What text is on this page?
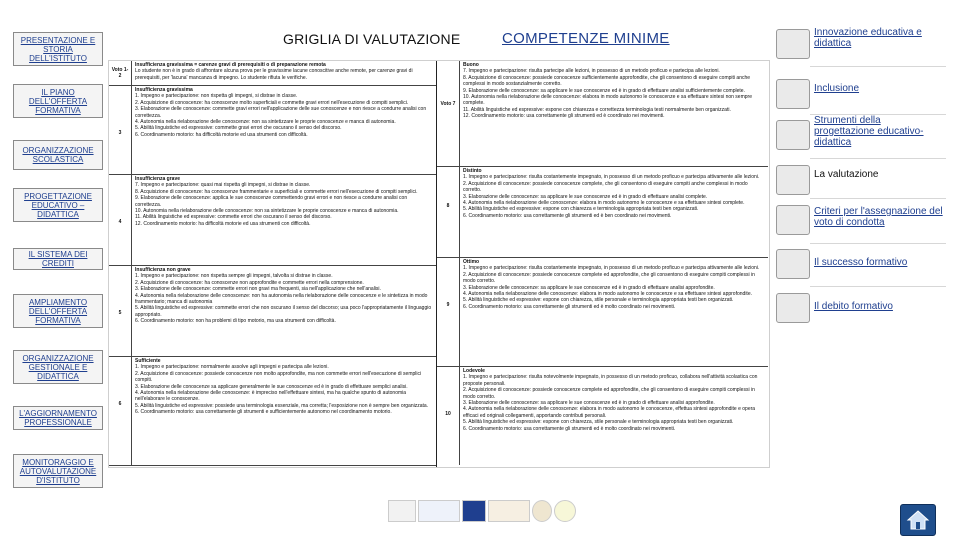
PRESENTAZIONE E STORIA DELL'ISTITUTO
IL PIANO DELL'OFFERTA FORMATIVA
ORGANIZZAZIONE SCOLASTICA
PROGETTAZIONE EDUCATIVO – DIDATTICA
IL SISTEMA DEI CREDITI
AMPLIAMENTO DELL'OFFERTA FORMATIVA
ORGANIZZAZIONE GESTIONALE E DIDATTICA
L'AGGIORNAMENTO PROFESSIONALE
MONITORAGGIO E AUTOVALUTAZIONE D'ISTITUTO
GRIGLIA DI VALUTAZIONE	COMPETENZE MINIME
Voto 1-2
Insufficienza gravissima = carenze gravi di prerequisiti o di preparazione remota
Lo studente non è in grado di affrontare alcuna prova per le gravissime lacune conoscitive anche remote, per carenze gravi di prerequisiti, per 'lacuna' mancanza di impegno. Lo studente rifiuta le verifiche.
3
Insufficienza gravissima
1. Impegno e partecipazione: non rispetta gli impegni, si distrae in classe.
2. Acquisizione di conoscenze: ha conoscenze molto superficiali e commette gravi errori nell'esecuzione di compiti semplici.
3. Elaborazione delle conoscenze: commette gravi errori nell'applicazione delle sue conoscenze e non riesce a condurre analisi con correttezza.
4. Autonomia nella rielaborazione delle conoscenze: non sa sintetizzare le proprie conoscenze e manca di autonomia.
5. Abilità linguistiche ed espressive: commette gravi errori che oscurano il senso del discorso.
6. Coordinamento motorio: ha difficoltà motorie ed usa strumenti con difficoltà.
4
Insufficienza grave
7. Impegno e partecipazione: quasi mai rispetta gli impegni, si distrae in classe.
8. Acquisizione di conoscenze: ha conoscenze frammentarie e superficiali e commette errori nell'esecuzione di compiti semplici.
9. Elaborazione delle conoscenze: applica le sue conoscenze commettendo gravi errori e non riesce a condurre analisi con correttezza.
10. Autonomia nella rielaborazione delle conoscenze: non sa sintetizzare le proprie conoscenze e manca di autonomia.
11. Abilità linguistiche ed espressive: commette errori che oscurano il senso del discorso.
12. Coordinamento motorio: ha difficoltà motorie ed usa strumenti con difficoltà.
5
Insufficienza non grave
1. Impegno e partecipazione: non rispetta sempre gli impegni, talvolta si distrae in classe.
2. Acquisizione di conoscenze: ha conoscenze non approfondite e commette errori nella comprensione.
3. Elaborazione delle conoscenze: commette errori non gravi ma frequenti, sia nell'applicazione che nell'analisi.
4. Autonomia nella rielaborazione delle conoscenze: non ha autonomia nella rielaborazione delle conoscenze e le sintetizza in modo frammentario; manca di autonomia
5. Abilità linguistiche ed espressive: commette errori che non oscurano il senso del discorso; usa poco l'appropriatamente il linguaggio appropriato.
6. Coordinamento motorio: non ha problemi di tipo motorio, ma usa strumenti con difficoltà.
6
Sufficiente
1. Impegno e partecipazione: normalmente assolve agli impegni e partecipa alle lezioni.
2. Acquisizione di conoscenze: possiede conoscenze non molto approfondite, ma non commette errori nell'esecuzione di semplici compiti.
3. Elaborazione delle conoscenze sa applicare generalmente le sue conoscenze ed è in grado di effettuare semplici analisi.
4. Autonomia nella rielaborazione delle conoscenze: è impreciso nell'effettuare sintesi, ma ha qualche spunto di autonomia nell'elaborare le conoscenze.
5. Abilità linguistiche ed espressive: possiede una terminologia essenziale, ma corretta; l'esposizione non è sempre ben organizzata.
6. Coordinamento motorio: usa correttamente gli strumenti e sufficientemente autonomo nel coordinamento motorio.
Voto 7
Buono
7. Impegno e partecipazione: risulta partecipe alle lezioni, in possesso di un metodo proficuo e partecipa alle lezioni.
8. Acquisizione di conoscenze: possiede conoscenze sufficientemente approfondite, che gli consentono di eseguire compiti anche complessi in modo sostanzialmente corretto.
9. Elaborazione delle conoscenze: sa applicare le sue conoscenze ed è in grado di effettuare analisi sufficientemente complete.
10. Autonomia nella rielaborazione delle conoscenze: elabora in modo autonomo le conoscenze e sa effettuare sintesi non sempre complete.
11. Abilità linguistiche ed espressive: espone con chiarezza e correttezza terminologia testi normalmente ben organizzati.
12. Coordinamento motorio: usa correttamente gli strumenti ed è coordinato nei movimenti.
8
Distinto
1. Impegno e partecipazione: risulta costantemente impegnato, in possesso di un metodo proficuo e partecipa attivamente alle lezioni.
2. Acquisizione di conoscenze: possiede conoscenze complete, che gli consentono di eseguire compiti anche complessi in modo corretto.
3. Elaborazione delle conoscenze: sa applicare le sue conoscenze ed è in grado di effettuare analisi complete.
4. Autonomia nella rielaborazione delle conoscenze: elabora in modo autonomo le conoscenze e sa effettuare sintesi complete.
5. Abilità linguistiche ed espressive: espone con chiarezza e terminologia appropriata testi ben organizzati.
6. Coordinamento motorio: usa correttamente gli strumenti ed è ben coordinato nei movimenti.
9
Ottimo
1. Impegno e partecipazione: risulta costantemente impegnato, in possesso di un metodo proficuo e partecipa attivamente alle lezioni.
2. Acquisizione di conoscenze: possiede conoscenze complete ed approfondite, che gli consentono di eseguire compiti complessi in modo corretto.
3. Elaborazione delle conoscenze: sa applicare le sue conoscenze ed è in grado di effettuare analisi approfondite.
4. Autonomia nella rielaborazione delle conoscenze: elabora in modo autonomo le conoscenze e sa effettuare sintesi approfondite.
5. Abilità linguistiche ed espressive: espone con chiarezza, stile personale e terminologia appropriata testi ben organizzati.
6. Coordinamento motorio: usa correttamente gli strumenti ed è molto coordinato nei movimenti.
10
Lodevole
1. Impegno e partecipazione: risulta notevolmente impegnato, in possesso di un metodo proficuo, collabora nell'attività scolastica con proposte personali.
2. Acquisizione di conoscenze: possiede conoscenze complete ed approfondite, che gli consentono di eseguire compiti complessi in modo corretto.
3. Elaborazione delle conoscenze: sa applicare le sue conoscenze ed è in grado di effettuare analisi approfondite.
4. Autonomia nella rielaborazione delle conoscenze: elabora in modo autonomo le conoscenze, effettua sintesi approfondite e opera efficaci ed originali collegamenti, apportando contributi personali.
5. Abilità linguistiche ed espressive: espone con chiarezza, stile personale e terminologia appropriata testi ben organizzati.
6. Coordinamento motorio: usa correttamente gli strumenti ed è molto coordinato nei movimenti.
Innovazione educativa e didattica
Inclusione
Strumenti della progettazione educativo-didattica
La valutazione
Criteri per l'assegnazione del voto di condotta
Il successo formativo
Il debito formativo
